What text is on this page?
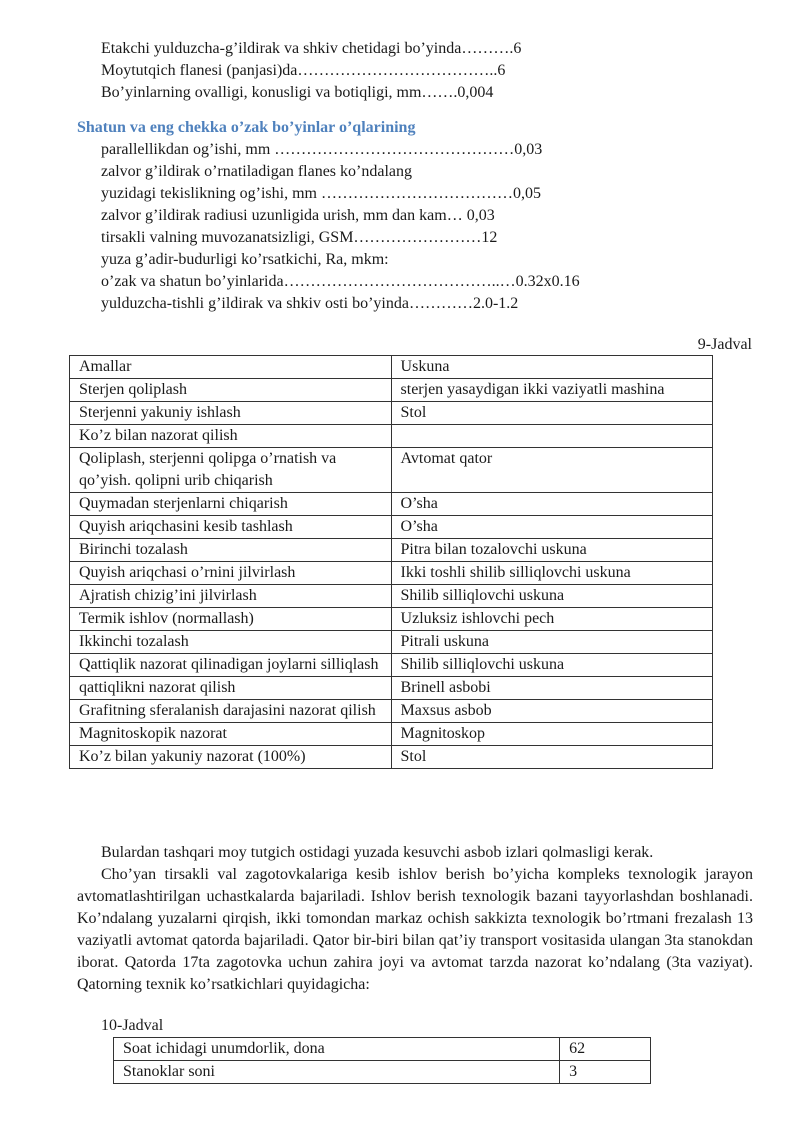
Etakchi yulduzcha-g’ildirak va shkiv chetidagi bo’yinda……….6
Moytutqich flanesi (panjasi)da………………………………..6
Bo’yinlarning ovalligi, konusligi va botiqligi, mm…….0,004
Shatun va eng chekka o’zak bo’yinlar o’qlarining
parallellikdan og’ishi, mm ………………………………………0,03
zalvor g’ildirak o’rnatiladigan flanes ko’ndalang
yuzidagi tekislikning og’ishi, mm ………………………………0,05
zalvor g’ildirak radiusi uzunligida urish, mm dan kam… 0,03
tirsakli valning muvozanatsizligi, GSM……………………12
yuza g’adir-budurligi ko’rsatkichi, Ra, mkm:
o’zak va shatun bo’yinlarida…………………………………..…0.32x0.16
yulduzcha-tishli g’ildirak va shkiv osti bo’yinda…………2.0-1.2
9-Jadval
Amallar	Uskuna
Sterjen qoliplash	sterjen yasaydigan ikki vaziyatli mashina
Sterjenni yakuniy ishlash	Stol
Ko’z bilan nazorat qilish	
Qoliplash, sterjenni qolipga o’rnatish va qo’yish. qolipni urib chiqarish	Avtomat qator
Quymadan sterjenlarni chiqarish	O’sha
Quyish ariqchasini kesib tashlash	O’sha
Birinchi tozalash	Pitra bilan tozalovchi uskuna
Quyish ariqchasi o’rnini jilvirlash	Ikki toshli shilib silliqlovchi uskuna
Ajratish chizig’ini jilvirlash	Shilib silliqlovchi uskuna
Termik ishlov (normallash)	Uzluksiz ishlovchi pech
Ikkinchi tozalash	Pitrali uskuna
Qattiqlik nazorat qilinadigan joylarni silliqlash	Shilib silliqlovchi uskuna
qattiqlikni nazorat qilish	Brinell asbobi
Grafitning sferalanish darajasini nazorat qilish	Maxsus asbob
Magnitoskopik nazorat	Magnitoskop
Ko’z bilan yakuniy nazorat (100%)	Stol

Bulardan tashqari moy tutgich ostidagi yuzada kesuvchi asbob izlari qolmasligi kerak.

Cho’yan tirsakli val zagotovkalariga kesib ishlov berish bo’yicha kompleks texnologik jarayon avtomatlashtirilgan uchastkalarda bajariladi. Ishlov berish texnologik bazani tayyorlashdan boshlanadi. Ko’ndalang yuzalarni qirqish, ikki tomondan markaz ochish sakkizta texnologik bo’rtmani frezalash 13 vaziyatli avtomat qatorda bajariladi. Qator bir-biri bilan qat’iy transport vositasida ulangan 3ta stanokdan iborat. Qatorda 17ta zagotovka uchun zahira joyi va avtomat tarzda nazorat ko’ndalang (3ta vaziyat). Qatorning texnik ko’rsatkichlari quyidagicha:

10-Jadval
Soat ichidagi unumdorlik, dona	62
Stanoklar soni	3
